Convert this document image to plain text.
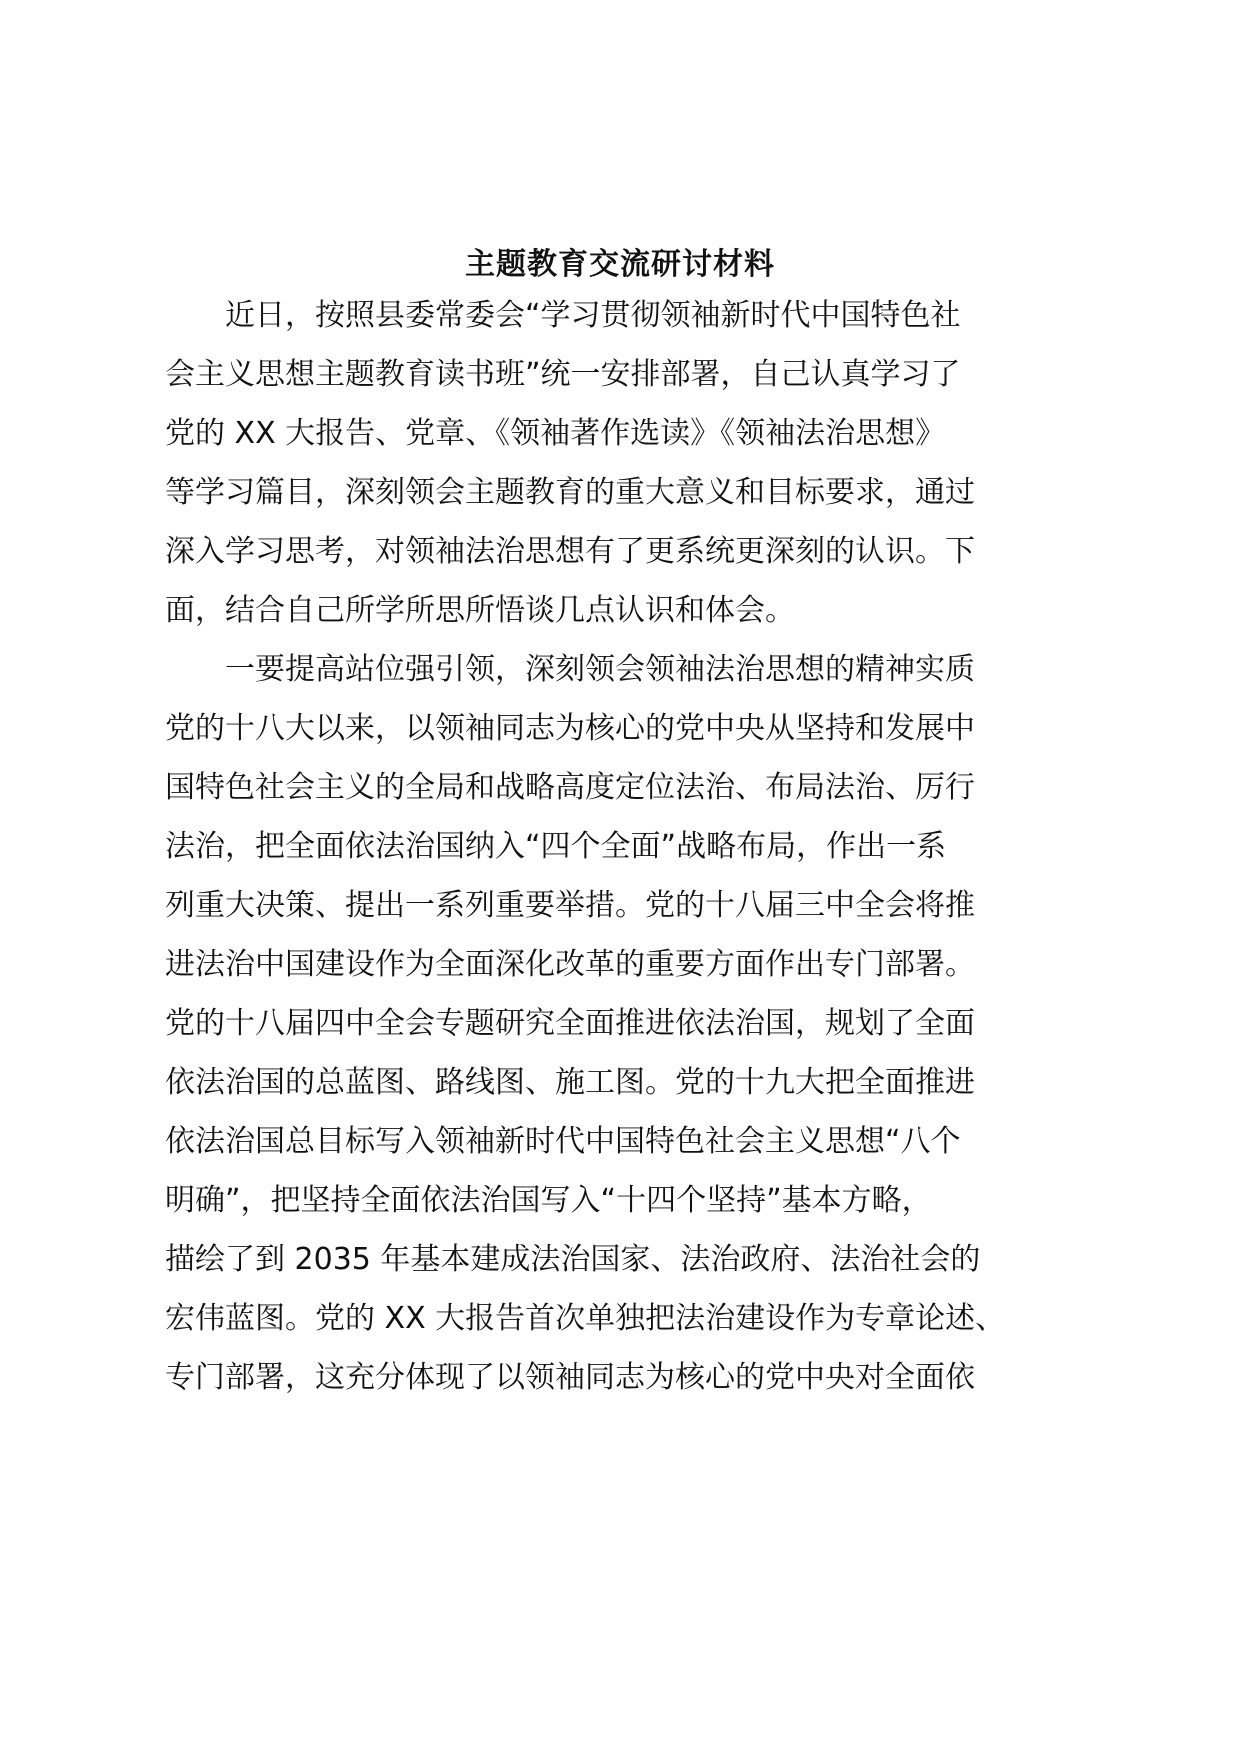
主题教育交流研讨材料
　　近日，按照县委常委会“学习贯彻领袖新时代中国特色社
会主义思想主题教育读书班”统一安排部署，自己认真学习了
党的 XX 大报告、党章、《领袖著作选读》《领袖法治思想》
等学习篇目，深刻领会主题教育的重大意义和目标要求，通过
深入学习思考，对领袖法治思想有了更系统更深刻的认识。下
面，结合自己所学所思所悟谈几点认识和体会。
　　一要提高站位强引领，深刻领会领袖法治思想的精神实质
党的十八大以来，以领袖同志为核心的党中央从坚持和发展中
国特色社会主义的全局和战略高度定位法治、布局法治、厉行
法治，把全面依法治国纳入“四个全面”战略布局，作出一系
列重大决策、提出一系列重要举措。党的十八届三中全会将推
进法治中国建设作为全面深化改革的重要方面作出专门部署。
党的十八届四中全会专题研究全面推进依法治国，规划了全面
依法治国的总蓝图、路线图、施工图。党的十九大把全面推进
依法治国总目标写入领袖新时代中国特色社会主义思想“八个
明确”，把坚持全面依法治国写入“十四个坚持”基本方略，
描绘了到 2035 年基本建成法治国家、法治政府、法治社会的
宏伟蓝图。党的 XX 大报告首次单独把法治建设作为专章论述、
专门部署，这充分体现了以领袖同志为核心的党中央对全面依
